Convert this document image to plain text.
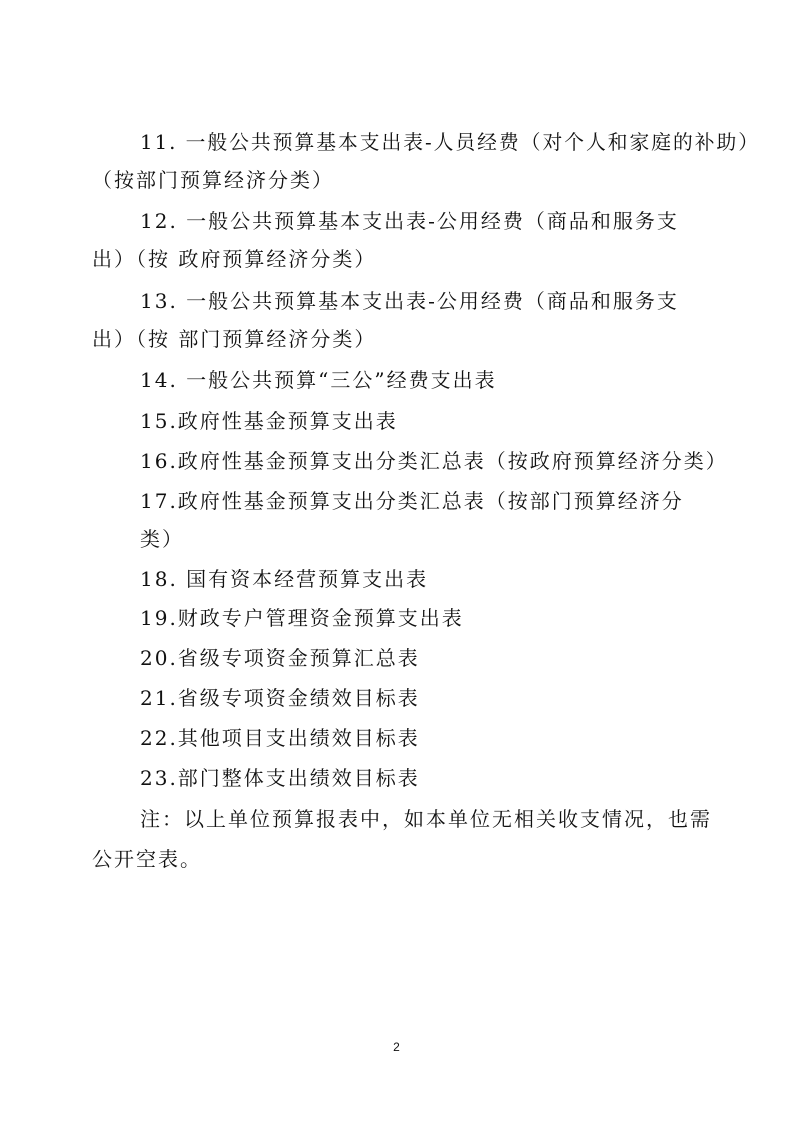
11. 一般公共预算基本支出表-人员经费（对个人和家庭的补助）
（按部门预算经济分类）
12. 一般公共预算基本支出表-公用经费（商品和服务支
出）（按 政府预算经济分类）
13. 一般公共预算基本支出表-公用经费（商品和服务支
出）（按 部门预算经济分类）
14. 一般公共预算“三公”经费支出表
15.政府性基金预算支出表
16.政府性基金预算支出分类汇总表（按政府预算经济分类）
17.政府性基金预算支出分类汇总表（按部门预算经济分
类）
18. 国有资本经营预算支出表
19.财政专户管理资金预算支出表
20.省级专项资金预算汇总表
21.省级专项资金绩效目标表
22.其他项目支出绩效目标表
23.部门整体支出绩效目标表
注：以上单位预算报表中，如本单位无相关收支情况，也需
公开空表。
2
